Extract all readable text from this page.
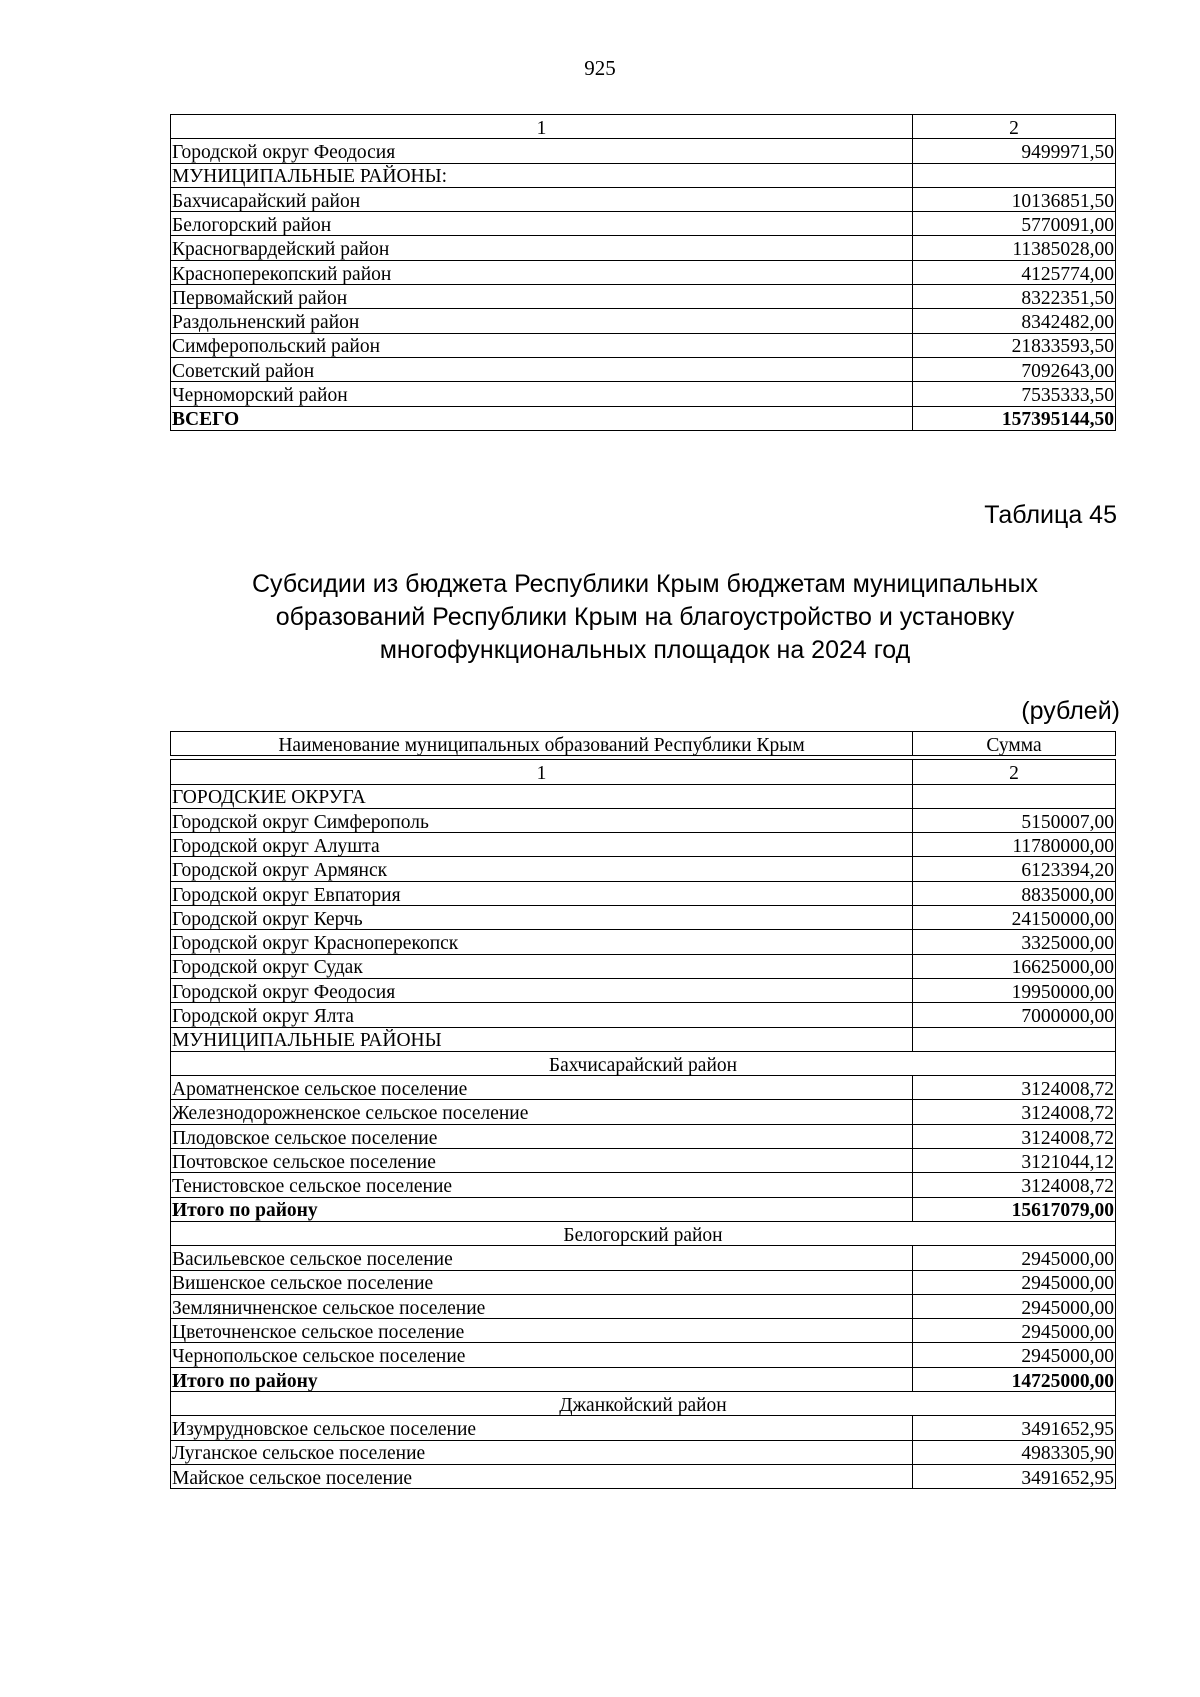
925
1	2
Городской округ Феодосия	9499971,50
МУНИЦИПАЛЬНЫЕ РАЙОНЫ:	
Бахчисарайский район	10136851,50
Белогорский район	5770091,00
Красногвардейский район	11385028,00
Красноперекопский район	4125774,00
Первомайский район	8322351,50
Раздольненский район	8342482,00
Симферопольский район	21833593,50
Советский район	7092643,00
Черноморский район	7535333,50
ВСЕГО	157395144,50
Таблица 45
Субсидии из бюджета Республики Крым бюджетам муниципальных
образований Республики Крым на благоустройство и установку
многофункциональных площадок на 2024 год
(рублей)
Наименование муниципальных образований Республики Крым	Сумма

1	2
ГОРОДСКИЕ ОКРУГА	
Городской округ Симферополь	5150007,00
Городской округ Алушта	11780000,00
Городской округ Армянск	6123394,20
Городской округ Евпатория	8835000,00
Городской округ Керчь	24150000,00
Городской округ Красноперекопск	3325000,00
Городской округ Судак	16625000,00
Городской округ Феодосия	19950000,00
Городской округ Ялта	7000000,00
МУНИЦИПАЛЬНЫЕ РАЙОНЫ	
Бахчисарайский район	
Ароматненское сельское поселение	3124008,72
Железнодорожненское сельское поселение	3124008,72
Плодовское сельское поселение	3124008,72
Почтовское сельское поселение	3121044,12
Тенистовское сельское поселение	3124008,72
Итого по району	15617079,00
Белогорский район	
Васильевское сельское поселение	2945000,00
Вишенское сельское поселение	2945000,00
Земляничненское сельское поселение	2945000,00
Цветочненское сельское поселение	2945000,00
Чернопольское сельское поселение	2945000,00
Итого по району	14725000,00
Джанкойский район	
Изумрудновское сельское поселение	3491652,95
Луганское сельское поселение	4983305,90
Майское сельское поселение	3491652,95
